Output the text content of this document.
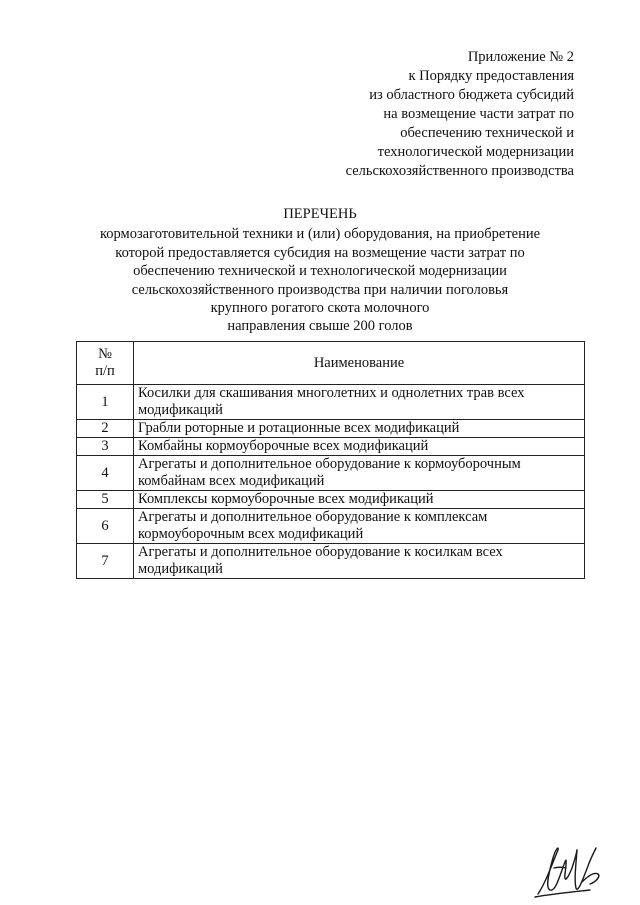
Приложение № 2
к Порядку предоставления
из областного бюджета субсидий
на возмещение части затрат по
обеспечению технической и
технологической модернизации
сельскохозяйственного производства
ПЕРЕЧЕНЬ
кормозаготовительной техники и (или) оборудования, на приобретение
которой предоставляется субсидия на возмещение части затрат по
обеспечению технической и технологической модернизации
сельскохозяйственного производства при наличии поголовья
крупного рогатого скота молочного
направления свыше 200 голов
№
п/п	Наименование
1	Косилки для скашивания многолетних и однолетних трав всех модификаций
2	Грабли роторные и ротационные всех модификаций
3	Комбайны кормоуборочные всех модификаций
4	Агрегаты и дополнительное оборудование к кормоуборочным комбайнам всех модификаций
5	Комплексы кормоуборочные всех модификаций
6	Агрегаты и дополнительное оборудование к комплексам кормоуборочным всех модификаций
7	Агрегаты и дополнительное оборудование к косилкам всех модификаций
